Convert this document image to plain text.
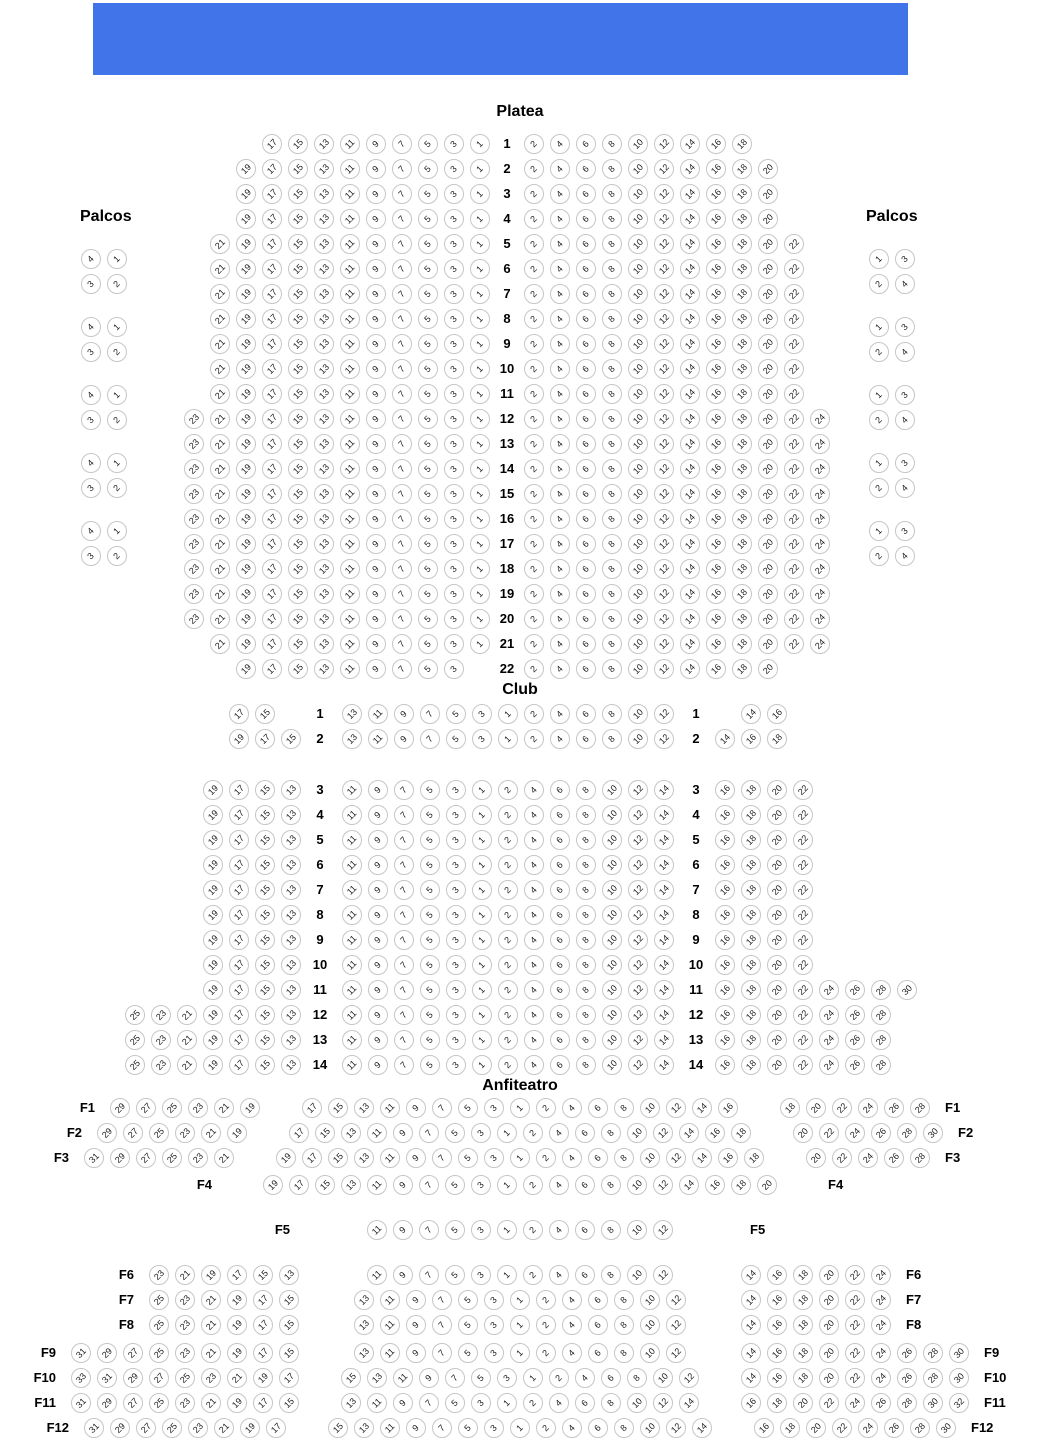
Platea
17 15 13 11 9 7 5 3 1	1	2 4 6 8 10 12 14 16 18
19 17 15 13 11 9 7 5 3 1	2	2 4 6 8 10 12 14 16 18 20
19 17 15 13 11 9 7 5 3 1	3	2 4 6 8 10 12 14 16 18 20
19 17 15 13 11 9 7 5 3 1	4	2 4 6 8 10 12 14 16 18 20
21 19 17 15 13 11 9 7 5 3 1	5	2 4 6 8 10 12 14 16 18 20 22
21 19 17 15 13 11 9 7 5 3 1	6	2 4 6 8 10 12 14 16 18 20 22
21 19 17 15 13 11 9 7 5 3 1	7	2 4 6 8 10 12 14 16 18 20 22
21 19 17 15 13 11 9 7 5 3 1	8	2 4 6 8 10 12 14 16 18 20 22
21 19 17 15 13 11 9 7 5 3 1	9	2 4 6 8 10 12 14 16 18 20 22
21 19 17 15 13 11 9 7 5 3 1	10	2 4 6 8 10 12 14 16 18 20 22
21 19 17 15 13 11 9 7 5 3 1	11	2 4 6 8 10 12 14 16 18 20 22
23 21 19 17 15 13 11 9 7 5 3 1	12	2 4 6 8 10 12 14 16 18 20 22 24
23 21 19 17 15 13 11 9 7 5 3 1	13	2 4 6 8 10 12 14 16 18 20 22 24
23 21 19 17 15 13 11 9 7 5 3 1	14	2 4 6 8 10 12 14 16 18 20 22 24
23 21 19 17 15 13 11 9 7 5 3 1	15	2 4 6 8 10 12 14 16 18 20 22 24
23 21 19 17 15 13 11 9 7 5 3 1	16	2 4 6 8 10 12 14 16 18 20 22 24
23 21 19 17 15 13 11 9 7 5 3 1	17	2 4 6 8 10 12 14 16 18 20 22 24
23 21 19 17 15 13 11 9 7 5 3 1	18	2 4 6 8 10 12 14 16 18 20 22 24
23 21 19 17 15 13 11 9 7 5 3 1	19	2 4 6 8 10 12 14 16 18 20 22 24
23 21 19 17 15 13 11 9 7 5 3 1	20	2 4 6 8 10 12 14 16 18 20 22 24
21 19 17 15 13 11 9 7 5 3 1	21	2 4 6 8 10 12 14 16 18 20 22 24
19 17 15 13 11 9 7 5 3	22	2 4 6 8 10 12 14 16 18 20
Club
17 15	1	13 11 9 7 5 3 1 2 4 6 8 10 12	1	14 16
19 17 15	2	13 11 9 7 5 3 1 2 4 6 8 10 12	2	14 16 18
19 17 15 13	3	11 9 7 5 3 1 2 4 6 8 10 12 14	3	16 18 20 22
19 17 15 13	4	11 9 7 5 3 1 2 4 6 8 10 12 14	4	16 18 20 22
19 17 15 13	5	11 9 7 5 3 1 2 4 6 8 10 12 14	5	16 18 20 22
19 17 15 13	6	11 9 7 5 3 1 2 4 6 8 10 12 14	6	16 18 20 22
19 17 15 13	7	11 9 7 5 3 1 2 4 6 8 10 12 14	7	16 18 20 22
19 17 15 13	8	11 9 7 5 3 1 2 4 6 8 10 12 14	8	16 18 20 22
19 17 15 13	9	11 9 7 5 3 1 2 4 6 8 10 12 14	9	16 18 20 22
19 17 15 13	10	11 9 7 5 3 1 2 4 6 8 10 12 14	10	16 18 20 22
19 17 15 13	11	11 9 7 5 3 1 2 4 6 8 10 12 14	11	16 18 20 22 24 26 28 30
25 23 21 19 17 15 13	12	11 9 7 5 3 1 2 4 6 8 10 12 14	12	16 18 20 22 24 26 28
25 23 21 19 17 15 13	13	11 9 7 5 3 1 2 4 6 8 10 12 14	13	16 18 20 22 24 26 28
25 23 21 19 17 15 13	14	11 9 7 5 3 1 2 4 6 8 10 12 14	14	16 18 20 22 24 26 28
Anfiteatro
F1 29 27 25 23 21 19	17 15 13 11 9 7 5 3 1 2 4 6 8 10 12 14 16	18 20 22 24 26 28 F1
F2 29 27 25 23 21 19	17 15 13 11 9 7 5 3 1 2 4 6 8 10 12 14 16 18	20 22 24 26 28 30 F2
F3 31 29 27 25 23 21	19 17 15 13 11 9 7 5 3 1 2 4 6 8 10 12 14 16 18	20 22 24 26 28 F3
F4	19 17 15 13 11 9 7 5 3 1 2 4 6 8 10 12 14 16 18 20	F4
F5	11 9 7 5 3 1 2 4 6 8 10 12	F5
F6 23 21 19 17 15 13	11 9 7 5 3 1 2 4 6 8 10 12	14 16 18 20 22 24 F6
F7 25 23 21 19 17 15	13 11 9 7 5 3 1 2 4 6 8 10 12	14 16 18 20 22 24 F7
F8 25 23 21 19 17 15	13 11 9 7 5 3 1 2 4 6 8 10 12	14 16 18 20 22 24 F8
F9 31 29 27 25 23 21 19 17 15	13 11 9 7 5 3 1 2 4 6 8 10 12	14 16 18 20 22 24 26 28 30 F9
F10 33 31 29 27 25 23 21 19 17	15 13 11 9 7 5 3 1 2 4 6 8 10 12	14 16 18 20 22 24 26 28 30 F10
F11 31 29 27 25 23 21 19 17 15	13 11 9 7 5 3 1 2 4 6 8 10 12 14	16 18 20 22 24 26 28 30 32 F11
F12 31 29 27 25 23 21 19 17	15 13 11 9 7 5 3 1 2 4 6 8 10 12 14	16 18 20 22 24 26 28 30 F12
Palcos
4 1
3 2
4 1
3 2
4 1
3 2
4 1
3 2
4 1
3 2
Palcos
1 3
2 4
1 3
2 4
1 3
2 4
1 3
2 4
1 3
2 4
